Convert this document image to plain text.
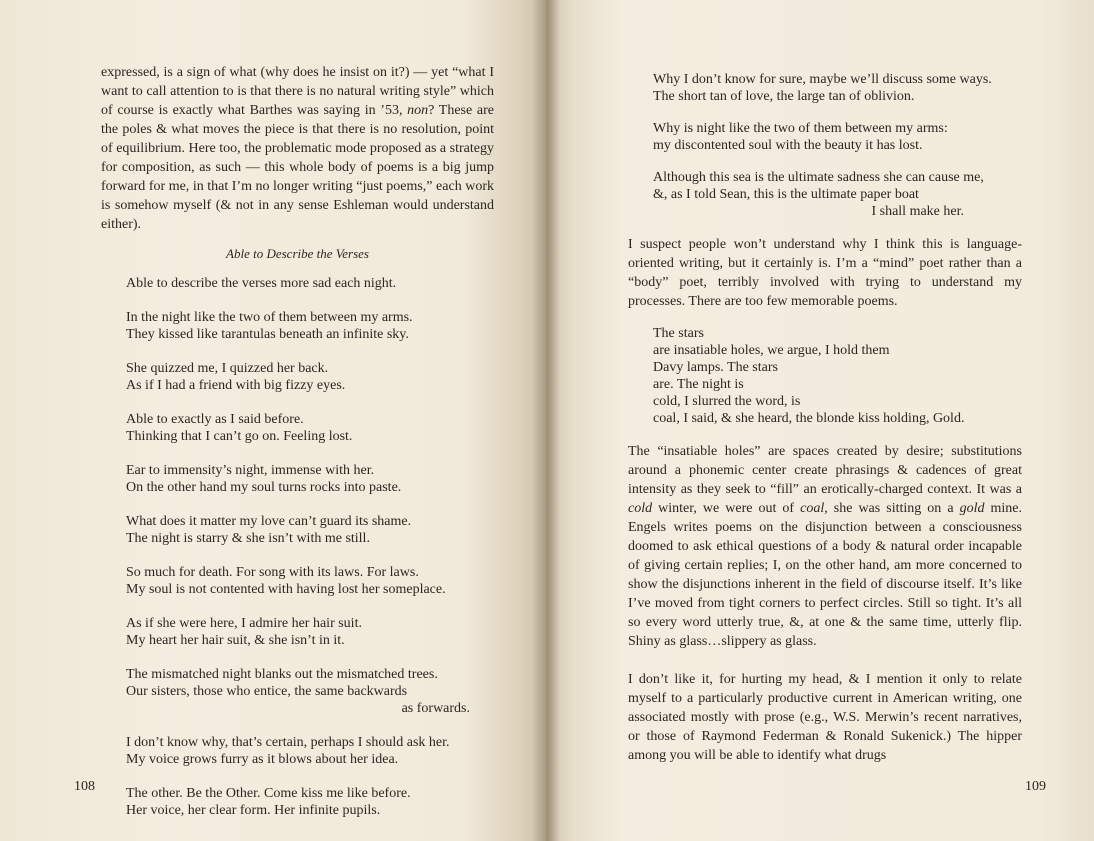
expressed, is a sign of what (why does he insist on it?) — yet “what I want to call attention to is that there is no natural writing style” which of course is exactly what Barthes was saying in ’53, non? These are the poles & what moves the piece is that there is no resolution, point of equilibrium. Here too, the problematic mode proposed as a strategy for composition, as such — this whole body of poems is a big jump forward for me, in that I’m no longer writing “just poems,” each work is somehow myself (& not in any sense Eshleman would understand either).

Able to Describe the Verses
Able to describe the verses more sad each night.
In the night like the two of them between my arms.
They kissed like tarantulas beneath an infinite sky.
She quizzed me, I quizzed her back.
As if I had a friend with big fizzy eyes.
Able to exactly as I said before.
Thinking that I can’t go on. Feeling lost.
Ear to immensity’s night, immense with her.
On the other hand my soul turns rocks into paste.
What does it matter my love can’t guard its shame.
The night is starry & she isn’t with me still.
So much for death. For song with its laws. For laws.
My soul is not contented with having lost her someplace.
As if she were here, I admire her hair suit.
My heart her hair suit, & she isn’t in it.
The mismatched night blanks out the mismatched trees.
Our sisters, those who entice, the same backwards
as forwards.
I don’t know why, that’s certain, perhaps I should ask her.
My voice grows furry as it blows about her idea.
The other. Be the Other. Come kiss me like before.
Her voice, her clear form. Her infinite pupils.
108
Why I don’t know for sure, maybe we’ll discuss some ways.
The short tan of love, the large tan of oblivion.
Why is night like the two of them between my arms:
my discontented soul with the beauty it has lost.
Although this sea is the ultimate sadness she can cause me,
&, as I told Sean, this is the ultimate paper boat
I shall make her.

I suspect people won’t understand why I think this is language-oriented writing, but it certainly is. I’m a “mind” poet rather than a “body” poet, terribly involved with trying to understand my processes. There are too few memorable poems.

The stars
are insatiable holes, we argue, I hold them
Davy lamps. The stars
are. The night is
cold, I slurred the word, is
coal, I said, & she heard, the blonde kiss holding, Gold.

The “insatiable holes” are spaces created by desire; substitutions around a phonemic center create phrasings & cadences of great intensity as they seek to “fill” an erotically-charged context. It was a cold winter, we were out of coal, she was sitting on a gold mine. Engels writes poems on the disjunction between a consciousness doomed to ask ethical questions of a body & natural order incapable of giving certain replies; I, on the other hand, am more concerned to show the disjunctions inherent in the field of discourse itself. It’s like I’ve moved from tight corners to perfect circles. Still so tight. It’s all so every word utterly true, &, at one & the same time, utterly flip. Shiny as glass…slippery as glass.

I don’t like it, for hurting my head, & I mention it only to relate myself to a particularly productive current in American writing, one associated mostly with prose (e.g., W.S. Merwin’s recent narratives, or those of Raymond Federman & Ronald Sukenick.) The hipper among you will be able to identify what drugs

109
